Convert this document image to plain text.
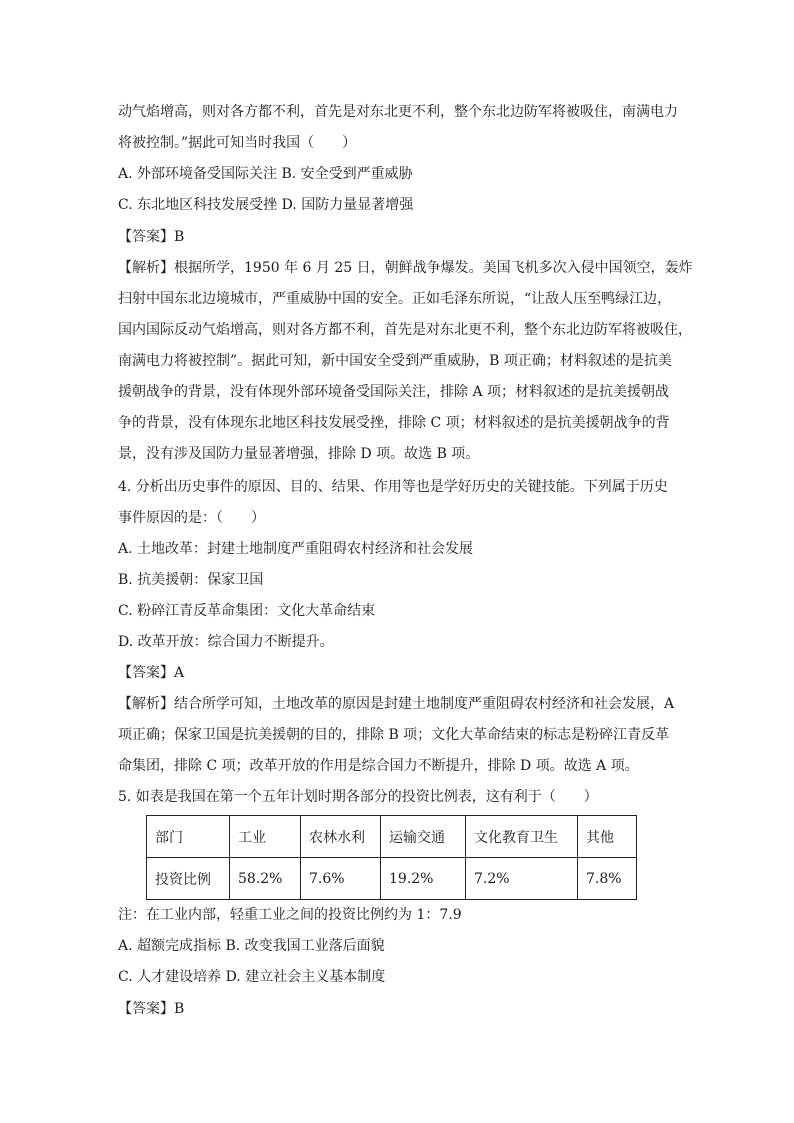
动气焰增高，则对各方都不利，首先是对东北更不利，整个东北边防军将被吸住，南满电力
将被控制。”据此可知当时我国（　　）
A. 外部环境备受国际关注 B. 安全受到严重威胁
C. 东北地区科技发展受挫 D. 国防力量显著增强
【答案】B
【解析】根据所学，1950 年 6 月 25 日，朝鲜战争爆发。美国飞机多次入侵中国领空，轰炸
扫射中国东北边境城市，严重威胁中国的安全。正如毛泽东所说，“让敌人压至鸭绿江边，
国内国际反动气焰增高，则对各方都不利，首先是对东北更不利，整个东北边防军将被吸住，
南满电力将被控制”。据此可知，新中国安全受到严重威胁，B 项正确；材料叙述的是抗美
援朝战争的背景，没有体现外部环境备受国际关注，排除 A 项；材料叙述的是抗美援朝战
争的背景，没有体现东北地区科技发展受挫，排除 C 项；材料叙述的是抗美援朝战争的背
景，没有涉及国防力量显著增强，排除 D 项。故选 B 项。
4. 分析出历史事件的原因、目的、结果、作用等也是学好历史的关键技能。下列属于历史
事件原因的是：（　　）
A. 土地改革：封建土地制度严重阻碍农村经济和社会发展
B. 抗美援朝：保家卫国
C. 粉碎江青反革命集团：文化大革命结束
D. 改革开放：综合国力不断提升。
【答案】A
【解析】结合所学可知，土地改革的原因是封建土地制度严重阻碍农村经济和社会发展，A
项正确；保家卫国是抗美援朝的目的，排除 B 项；文化大革命结束的标志是粉碎江青反革
命集团，排除 C 项；改革开放的作用是综合国力不断提升，排除 D 项。故选 A 项。
5. 如表是我国在第一个五年计划时期各部分的投资比例表，这有利于（　　）
部门	工业	农林水利	运输交通	文化教育卫生	其他
投资比例	58.2%	7.6%	19.2%	7.2%	7.8%
注：在工业内部，轻重工业之间的投资比例约为 1：7.9
A. 超额完成指标 B. 改变我国工业落后面貌
C. 人才建设培养 D. 建立社会主义基本制度
【答案】B
